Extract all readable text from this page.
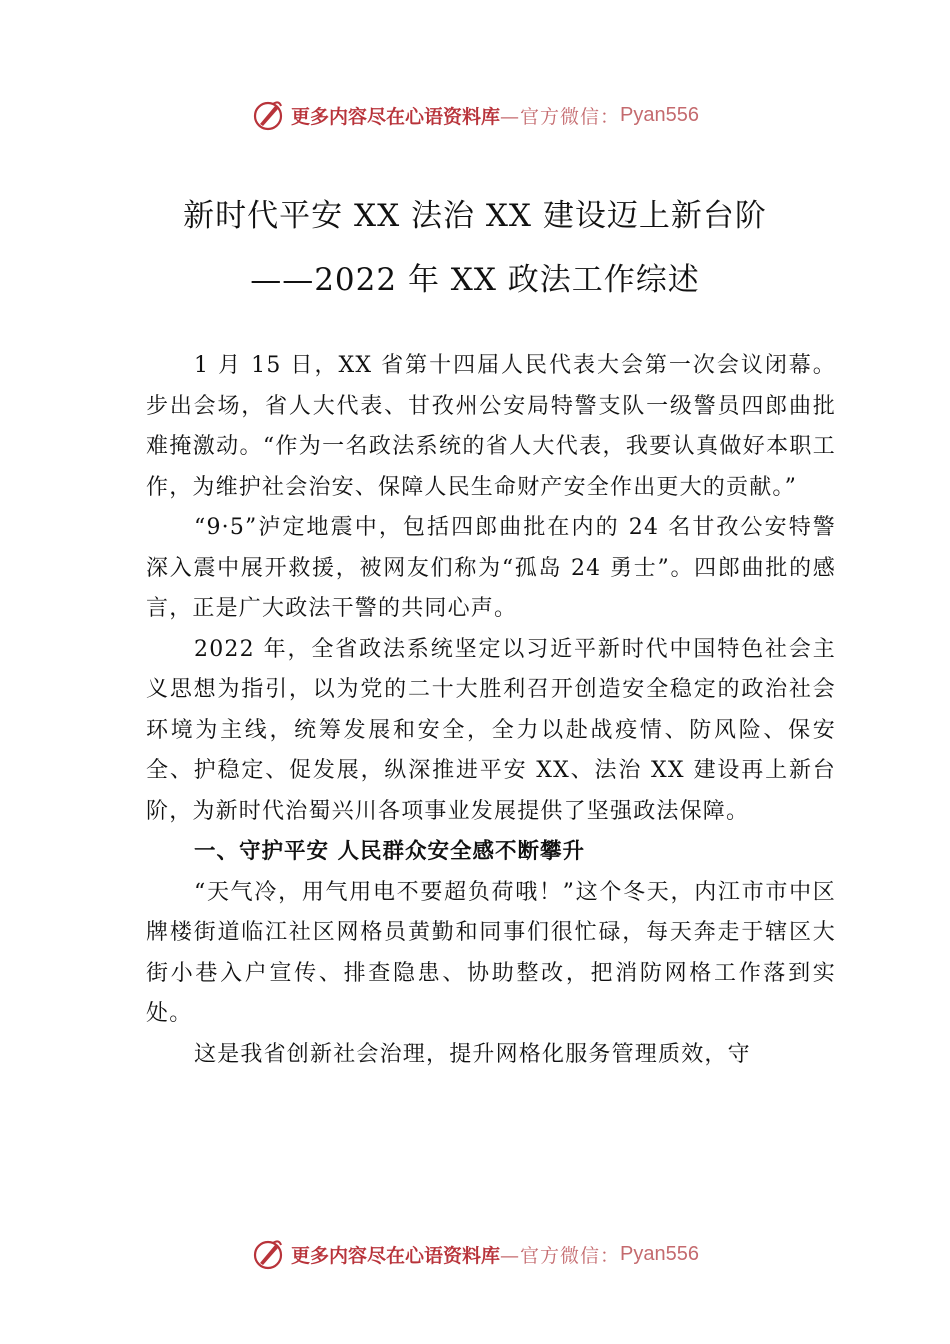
更多内容尽在心语资料库 —官方微信： Pyan556
新时代平安 XX 法治 XX 建设迈上新台阶
——2022 年 XX 政法工作综述

1 月 15 日，XX 省第十四届人民代表大会第一次会议闭幕。步出会场，省人大代表、甘孜州公安局特警支队一级警员四郎曲批难掩激动。“作为一名政法系统的省人大代表，我要认真做好本职工作，为维护社会治安、保障人民生命财产安全作出更大的贡献。”

“9·5”泸定地震中，包括四郎曲批在内的 24 名甘孜公安特警深入震中展开救援，被网友们称为“孤岛 24 勇士”。四郎曲批的感言，正是广大政法干警的共同心声。

2022 年，全省政法系统坚定以习近平新时代中国特色社会主义思想为指引，以为党的二十大胜利召开创造安全稳定的政治社会环境为主线，统筹发展和安全，全力以赴战疫情、防风险、保安全、护稳定、促发展，纵深推进平安 XX、法治 XX 建设再上新台阶，为新时代治蜀兴川各项事业发展提供了坚强政法保障。

一、守护平安 人民群众安全感不断攀升

“天气冷，用气用电不要超负荷哦！”这个冬天，内江市市中区牌楼街道临江社区网格员黄勤和同事们很忙碌，每天奔走于辖区大街小巷入户宣传、排查隐患、协助整改，把消防网格工作落到实处。

这是我省创新社会治理，提升网格化服务管理质效，守

更多内容尽在心语资料库 —官方微信： Pyan556
